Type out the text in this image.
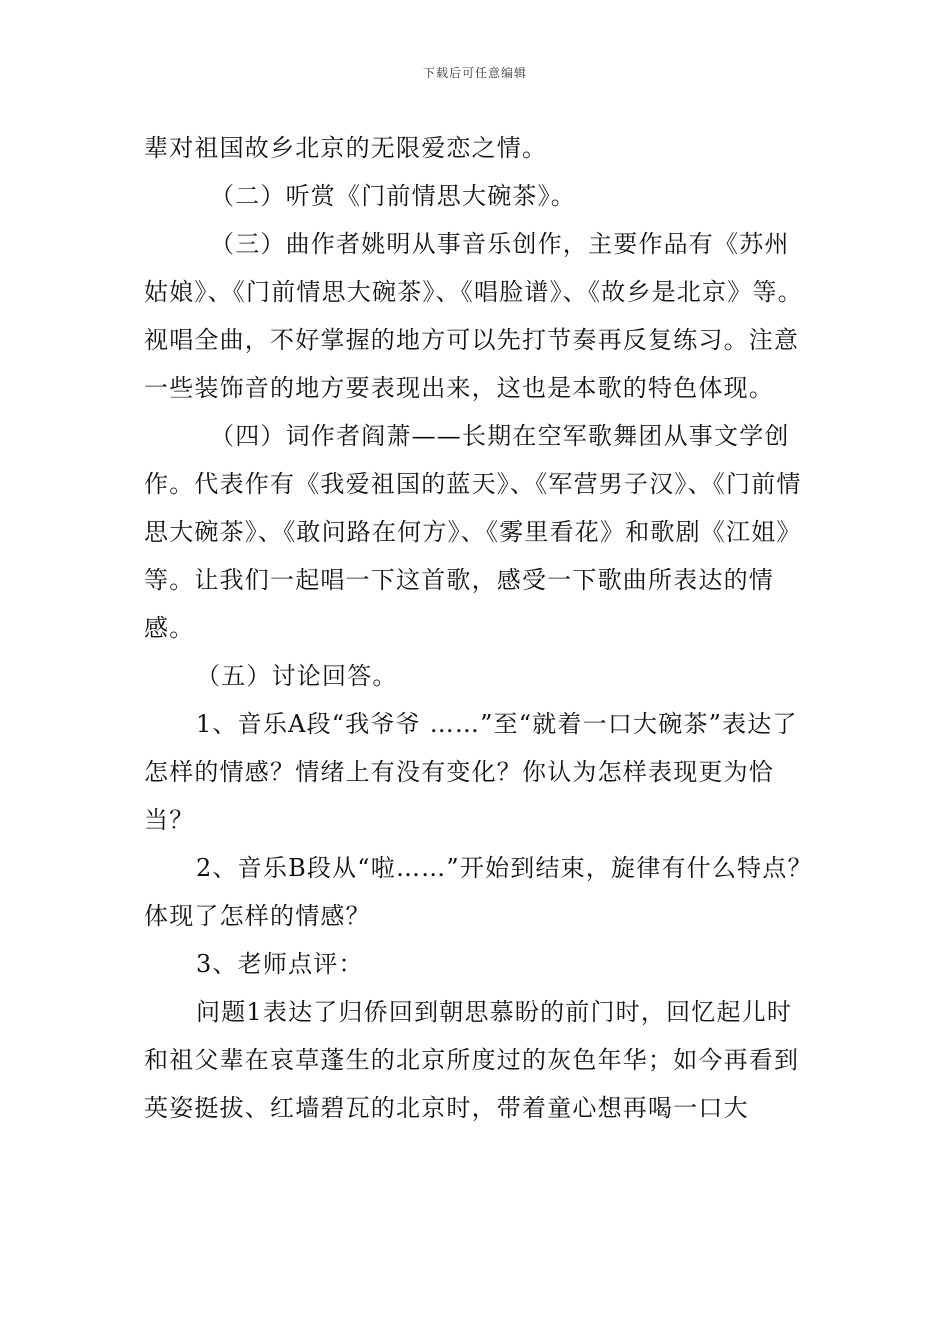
下载后可任意编辑

辈对祖国故乡北京的无限爱恋之情。

（二）听赏《门前情思大碗茶》。

（三）曲作者姚明从事音乐创作，主要作品有《苏州姑娘》、《门前情思大碗茶》、《唱脸谱》、《故乡是北京》等。视唱全曲，不好掌握的地方可以先打节奏再反复练习。注意一些装饰音的地方要表现出来，这也是本歌的特色体现。

（四）词作者阎萧——长期在空军歌舞团从事文学创作。代表作有《我爱祖国的蓝天》、《军营男子汉》、《门前情思大碗茶》、《敢问路在何方》、《雾里看花》和歌剧《江姐》等。让我们一起唱一下这首歌，感受一下歌曲所表达的情感。

（五）讨论回答。

1、音乐A段“我爷爷 ……”至“就着一口大碗茶”表达了怎样的情感？情绪上有没有变化？你认为怎样表现更为恰当？

2、音乐B段从“啦……”开始到结束，旋律有什么特点？体现了怎样的情感？

3、老师点评：

问题1表达了归侨回到朝思慕盼的前门时，回忆起儿时和祖父辈在哀草蓬生的北京所度过的灰色年华；如今再看到英姿挺拔、红墙碧瓦的北京时，带着童心想再喝一口大
